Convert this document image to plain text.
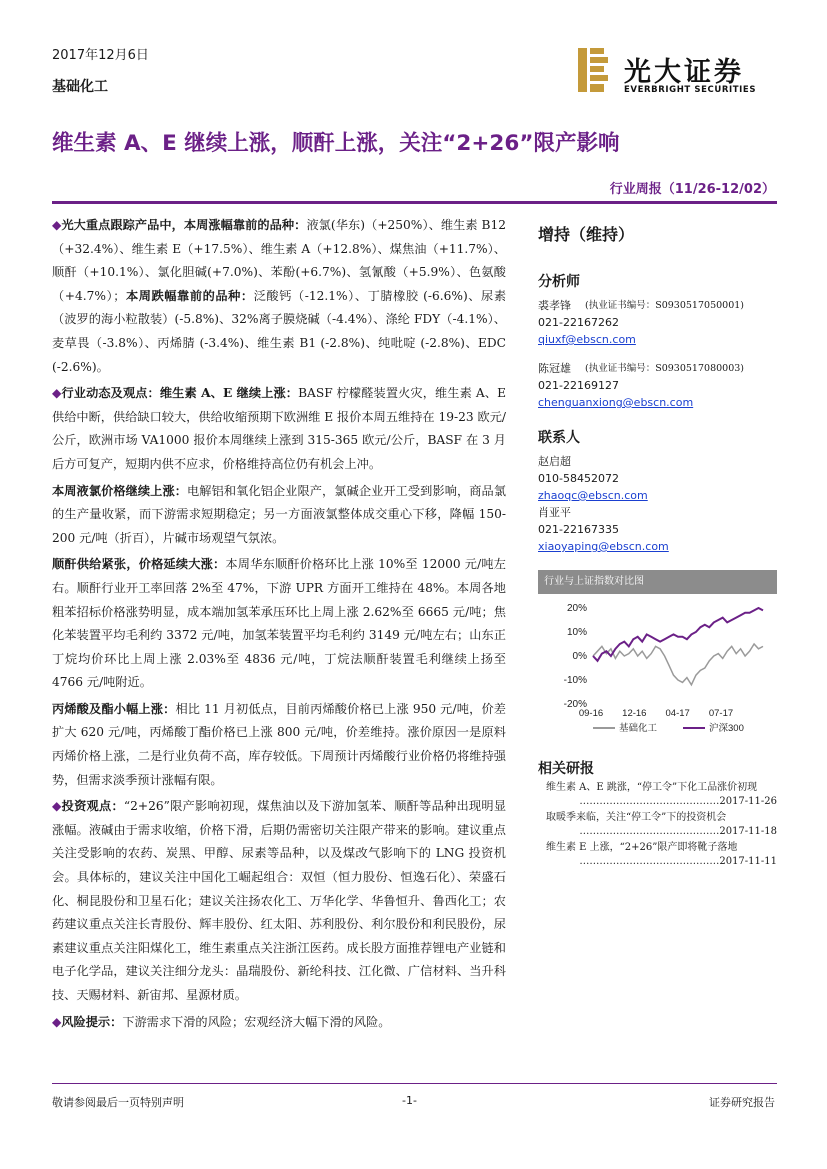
2017年12月6日
基础化工	光大证券
EVERBRIGHT SECURITIES
维生素 A、E 继续上涨，顺酐上涨，关注“2+26”限产影响
行业周报（11/26-12/02）

◆光大重点跟踪产品中，本周涨幅靠前的品种：液氯(华东)（+250%）、维生素 B12（+32.4%）、维生素 E（+17.5%）、维生素 A（+12.8%）、煤焦油（+11.7%）、顺酐（+10.1%）、氯化胆碱(+7.0%)、苯酚(+6.7%)、氢氰酸（+5.9%）、色氨酸（+4.7%）；本周跌幅靠前的品种：泛酸钙（-12.1%）、丁腈橡胶 (-6.6%)、尿素（波罗的海小粒散装）(-5.8%)、32%离子膜烧碱（-4.4%）、涤纶 FDY（-4.1%）、麦草畏（-3.8%）、丙烯腈 (-3.4%)、维生素 B1 (-2.8%)、纯吡啶 (-2.8%)、EDC (-2.6%)。

◆行业动态及观点：维生素 A、E 继续上涨：BASF 柠檬醛装置火灾，维生素 A、E 供给中断，供给缺口较大，供给收缩预期下欧洲维 E 报价本周五维持在 19-23 欧元/公斤，欧洲市场 VA1000 报价本周继续上涨到 315-365 欧元/公斤，BASF 在 3 月后方可复产，短期内供不应求，价格维持高位仍有机会上冲。

本周液氯价格继续上涨：电解铝和氧化铝企业限产，氯碱企业开工受到影响，商品氯的生产量收紧，而下游需求短期稳定；另一方面液氯整体成交重心下移，降幅 150-200 元/吨（折百），片碱市场观望气氛浓。

顺酐供给紧张，价格延续大涨：本周华东顺酐价格环比上涨 10%至 12000 元/吨左右。顺酐行业开工率回落 2%至 47%，下游 UPR 方面开工维持在 48%。本周各地粗苯招标价格涨势明显，成本端加氢苯承压环比上周上涨 2.62%至 6665 元/吨；焦化苯装置平均毛利约 3372 元/吨，加氢苯装置平均毛利约 3149 元/吨左右；山东正丁烷均价环比上周上涨 2.03%至 4836 元/吨，丁烷法顺酐装置毛利继续上扬至 4766 元/吨附近。

丙烯酸及酯小幅上涨：相比 11 月初低点，目前丙烯酸价格已上涨 950 元/吨，价差扩大 620 元/吨，丙烯酸丁酯价格已上涨 800 元/吨，价差维持。涨价原因一是原料丙烯价格上涨，二是行业负荷不高，库存较低。下周预计丙烯酸行业价格仍将维持强势，但需求淡季预计涨幅有限。

◆投资观点：“2+26”限产影响初现，煤焦油以及下游加氢苯、顺酐等品种出现明显涨幅。液碱由于需求收缩，价格下滑，后期仍需密切关注限产带来的影响。建议重点关注受影响的农药、炭黑、甲醇、尿素等品种，以及煤改气影响下的 LNG 投资机会。具体标的，建议关注中国化工崛起组合：双恒（恒力股份、恒逸石化）、荣盛石化、桐昆股份和卫星石化；建议关注扬农化工、万华化学、华鲁恒升、鲁西化工；农药建议重点关注长青股份、辉丰股份、红太阳、苏利股份、利尔股份和利民股份，尿素建议重点关注阳煤化工，维生素重点关注浙江医药。成长股方面推荐锂电产业链和电子化学品，建议关注细分龙头：晶瑞股份、新纶科技、江化微、广信材料、当升科技、天赐材料、新宙邦、星源材质。

◆风险提示：下游需求下滑的风险；宏观经济大幅下滑的风险。

增持（维持）
分析师
裘孝锋 (执业证书编号：S0930517050001)
021-22167262
qiuxf@ebscn.com
陈冠雄 (执业证书编号：S0930517080003)
021-22169127
chenguanxiong@ebscn.com
联系人
赵启超
010-58452072
zhaoqc@ebscn.com
肖亚平
021-22167335
xiaoyaping@ebscn.com
行业与上证指数对比图
20%
10%
0%
-10%
-20%
09-16 12-16 04-17 07-17
基础化工	沪深300
相关研报
维生素 A、E 跳涨，“停工令”下化工品涨价初现
……………………………………2017-11-26
取暖季来临，关注“停工令”下的投资机会
……………………………………2017-11-18
维生素 E 上涨，“2+26”限产即将靴子落地
……………………………………2017-11-11
敬请参阅最后一页特别声明	-1-	证券研究报告
